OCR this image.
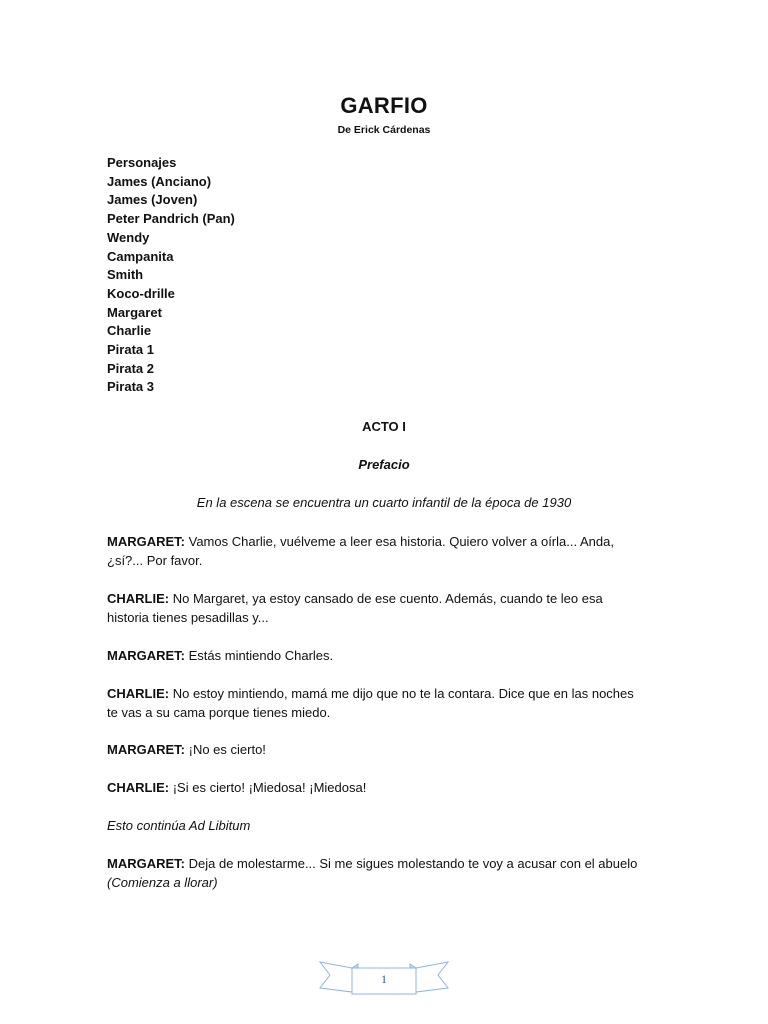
GARFIO
De Erick Cárdenas
Personajes
James (Anciano)
James (Joven)
Peter Pandrich (Pan)
Wendy
Campanita
Smith
Koco-drille
Margaret
Charlie
Pirata 1
Pirata 2
Pirata 3
ACTO I
Prefacio
En la escena se encuentra un cuarto infantil de la época de 1930

MARGARET: Vamos Charlie, vuélveme a leer esa historia. Quiero volver a oírla... Anda,
¿sí?... Por favor.

CHARLIE: No Margaret, ya estoy cansado de ese cuento. Además, cuando te leo esa
historia tienes pesadillas y...

MARGARET: Estás mintiendo Charles.

CHARLIE: No estoy mintiendo, mamá me dijo que no te la contara. Dice que en las noches
te vas a su cama porque tienes miedo.

MARGARET: ¡No es cierto!

CHARLIE: ¡Si es cierto! ¡Miedosa! ¡Miedosa!

Esto continúa Ad Libitum

MARGARET: Deja de molestarme... Si me sigues molestando te voy a acusar con el abuelo
(Comienza a llorar)

1
